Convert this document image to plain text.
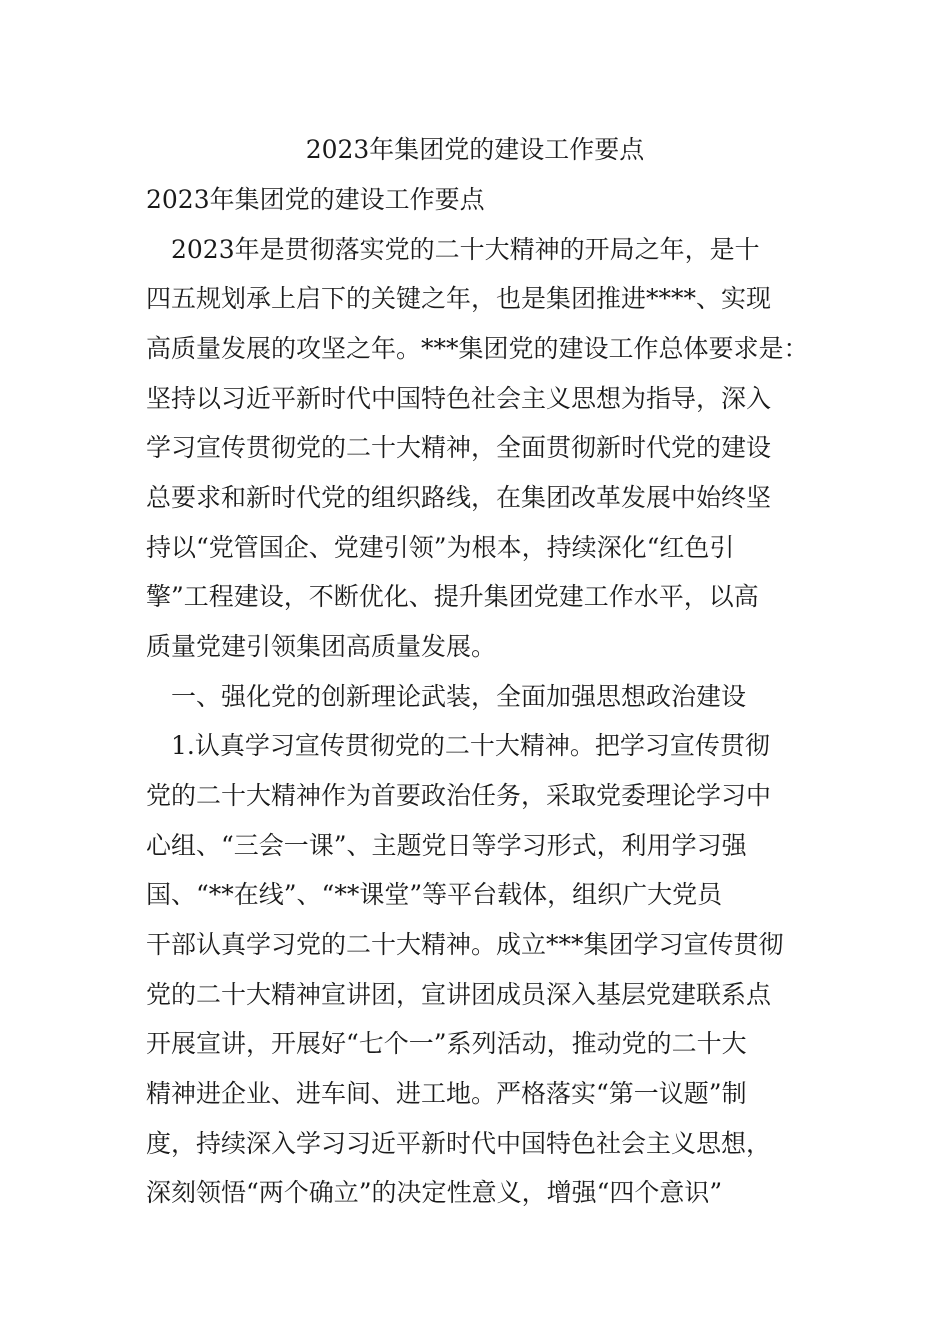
2023年集团党的建设工作要点
2023年集团党的建设工作要点
　2023年是贯彻落实党的二十大精神的开局之年，是十
四五规划承上启下的关键之年，也是集团推进****、实现
高质量发展的攻坚之年。***集团党的建设工作总体要求是：
坚持以习近平新时代中国特色社会主义思想为指导，深入
学习宣传贯彻党的二十大精神，全面贯彻新时代党的建设
总要求和新时代党的组织路线，在集团改革发展中始终坚
持以“党管国企、党建引领”为根本，持续深化“红色引
擎”工程建设，不断优化、提升集团党建工作水平，以高
质量党建引领集团高质量发展。
　一、强化党的创新理论武装，全面加强思想政治建设
　1.认真学习宣传贯彻党的二十大精神。把学习宣传贯彻
党的二十大精神作为首要政治任务，采取党委理论学习中
心组、“三会一课”、主题党日等学习形式，利用学习强
国、“**在线”、“**课堂”等平台载体，组织广大党员
干部认真学习党的二十大精神。成立***集团学习宣传贯彻
党的二十大精神宣讲团，宣讲团成员深入基层党建联系点
开展宣讲，开展好“七个一”系列活动，推动党的二十大
精神进企业、进车间、进工地。严格落实“第一议题”制
度，持续深入学习习近平新时代中国特色社会主义思想，
深刻领悟“两个确立”的决定性意义，增强“四个意识”
